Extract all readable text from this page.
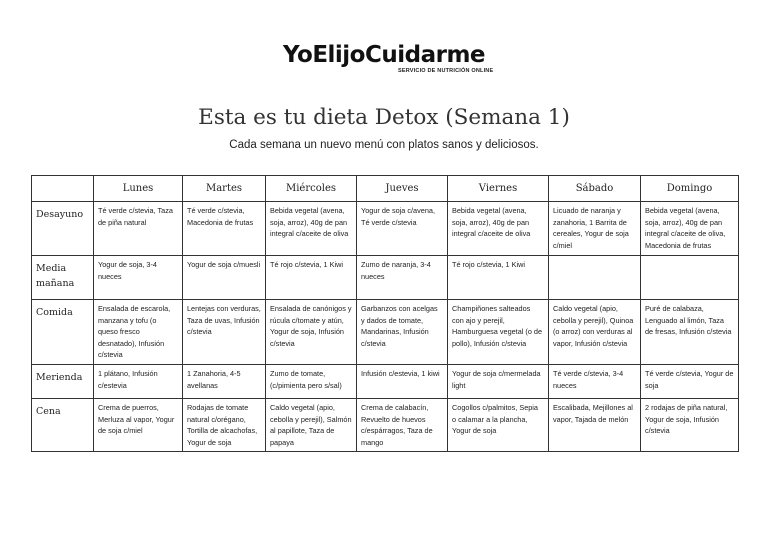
YoElijoCuidarme
SERVICIO DE NUTRICIÓN ONLINE
Esta es tu dieta Detox (Semana 1)
Cada semana un nuevo menú con platos sanos y deliciosos.
	Lunes	Martes	Miércoles	Jueves	Viernes	Sábado	Domingo
Desayuno	Té verde c/stevia, Taza de piña natural	Té verde c/stevia, Macedonia de frutas	Bebida vegetal (avena, soja, arroz), 40g de pan integral c/aceite de oliva	Yogur de soja c/avena, Té verde c/stevia	Bebida vegetal (avena, soja, arroz), 40g de pan integral c/aceite de oliva	Licuado de naranja y zanahoria, 1 Barrita de cereales, Yogur de soja c/miel	Bebida vegetal (avena, soja, arroz), 40g de pan integral c/aceite de oliva, Macedonia de frutas
Media mañana	Yogur de soja, 3-4 nueces	Yogur de soja c/muesli	Té rojo c/stevia, 1 Kiwi	Zumo de naranja, 3-4 nueces	Té rojo c/stevia, 1 Kiwi		
Comida	Ensalada de escarola, manzana y tofu (o queso fresco desnatado), Infusión c/stevia	Lentejas con verduras, Taza de uvas, Infusión c/stevia	Ensalada de canónigos y rúcula c/tomate y atún, Yogur de soja, Infusión c/stevia	Garbanzos con acelgas y dados de tomate, Mandarinas, Infusión c/stevia	Champiñones salteados con ajo y perejil, Hamburguesa vegetal (o de pollo), Infusión c/stevia	Caldo vegetal (apio, cebolla y perejil), Quinoa (o arroz) con verduras al vapor, Infusión c/stevia	Puré de calabaza, Lenguado al limón, Taza de fresas, Infusión c/stevia
Merienda	1 plátano, Infusión c/estevia	1 Zanahoria, 4-5 avellanas	Zumo de tomate, (c/pimienta pero s/sal)	Infusión c/estevia, 1 kiwi	Yogur de soja c/mermelada light	Té verde c/stevia, 3-4 nueces	Té verde c/stevia, Yogur de soja
Cena	Crema de puerros, Merluza al vapor, Yogur de soja c/miel	Rodajas de tomate natural c/orégano, Tortilla de alcachofas, Yogur de soja	Caldo vegetal (apio, cebolla y perejil), Salmón al papillote, Taza de papaya	Crema de calabacín, Revuelto de huevos c/espárragos, Taza de mango	Cogollos c/palmitos, Sepia o calamar a la plancha, Yogur de soja	Escalibada, Mejillones al vapor, Tajada de melón	2 rodajas de piña natural, Yogur de soja, Infusión c/stevia
